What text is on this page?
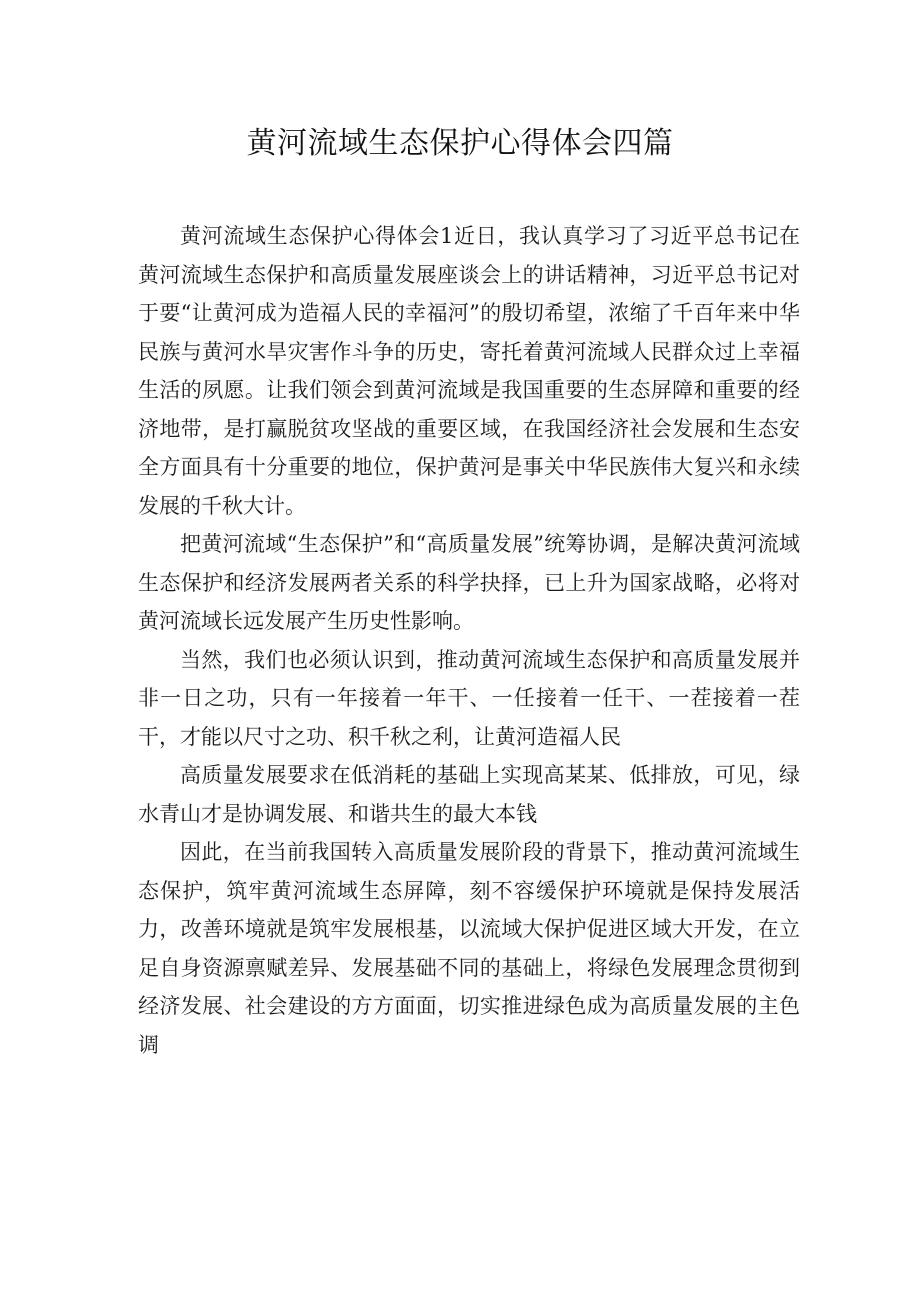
黄河流域生态保护心得体会四篇

黄河流域生态保护心得体会1近日，我认真学习了习近平总书记在黄河流域生态保护和高质量发展座谈会上的讲话精神，习近平总书记对于要“让黄河成为造福人民的幸福河”的殷切希望，浓缩了千百年来中华民族与黄河水旱灾害作斗争的历史，寄托着黄河流域人民群众过上幸福生活的夙愿。让我们领会到黄河流域是我国重要的生态屏障和重要的经济地带，是打赢脱贫攻坚战的重要区域，在我国经济社会发展和生态安全方面具有十分重要的地位，保护黄河是事关中华民族伟大复兴和永续发展的千秋大计。

把黄河流域“生态保护”和“高质量发展”统筹协调，是解决黄河流域生态保护和经济发展两者关系的科学抉择，已上升为国家战略，必将对黄河流域长远发展产生历史性影响。

当然，我们也必须认识到，推动黄河流域生态保护和高质量发展并非一日之功，只有一年接着一年干、一任接着一任干、一茬接着一茬干，才能以尺寸之功、积千秋之利，让黄河造福人民

高质量发展要求在低消耗的基础上实现高某某、低排放，可见，绿水青山才是协调发展、和谐共生的最大本钱

因此，在当前我国转入高质量发展阶段的背景下，推动黄河流域生态保护，筑牢黄河流域生态屏障，刻不容缓保护环境就是保持发展活力，改善环境就是筑牢发展根基，以流域大保护促进区域大开发，在立足自身资源禀赋差异、发展基础不同的基础上，将绿色发展理念贯彻到经济发展、社会建设的方方面面，切实推进绿色成为高质量发展的主色调
